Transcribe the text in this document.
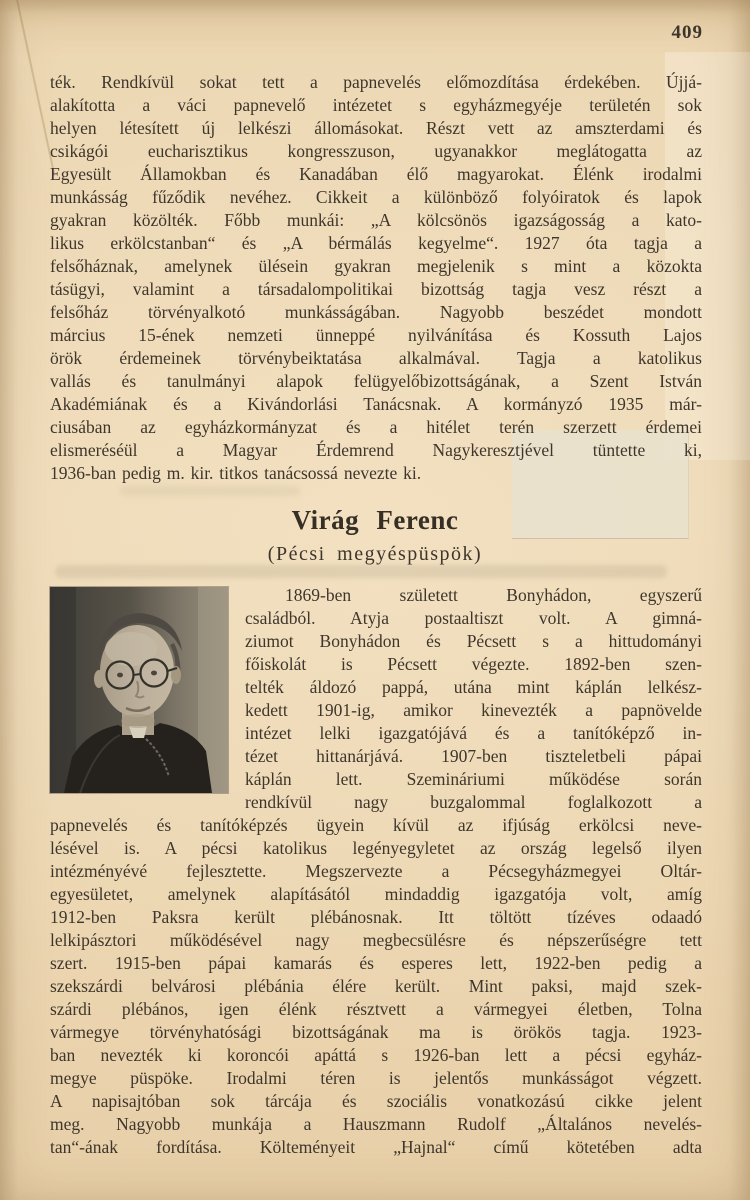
409
ték. Rendkívül sokat tett a papnevelés előmozdítása érdekében. Újjá-
alakította a váci papnevelő intézetet s egyházmegyéje területén sok
helyen létesített új lelkészi állomásokat. Részt vett az amszterdami és
csikágói eucharisztikus kongresszuson, ugyanakkor meglátogatta az
Egyesült Államokban és Kanadában élő magyarokat. Élénk irodalmi
munkásság fűződik nevéhez. Cikkeit a különböző folyóiratok és lapok
gyakran közölték. Főbb munkái: „A kölcsönös igazságosság a kato-
likus erkölcstanban“ és „A bérmálás kegyelme“. 1927 óta tagja a
felsőháznak, amelynek ülésein gyakran megjelenik s mint a közokta
tásügyi, valamint a társadalompolitikai bizottság tagja vesz részt a
felsőház törvényalkotó munkásságában. Nagyobb beszédet mondott
március 15-ének nemzeti ünneppé nyilvánítása és Kossuth Lajos
örök érdemeinek törvénybeiktatása alkalmával. Tagja a katolikus
vallás és tanulmányi alapok felügyelőbizottságának, a Szent István
Akadémiának és a Kivándorlási Tanácsnak. A kormányzó 1935 már-
ciusában az egyházkormányzat és a hitélet terén szerzett érdemei
elismeréséül a Magyar Érdemrend Nagykeresztjével tüntette ki,
1936-ban pedig m. kir. titkos tanácsossá nevezte ki.
Virág Ferenc
(Pécsi megyéspüspök)
1869-ben született Bonyhádon, egyszerű
családból. Atyja postaaltiszt volt. A gimná-
ziumot Bonyhádon és Pécsett s a hittudományi
főiskolát is Pécsett végezte. 1892-ben szen-
telték áldozó pappá, utána mint káplán lelkész-
kedett 1901-ig, amikor kinevezték a papnövelde
intézet lelki igazgatójává és a tanítóképző in-
tézet hittanárjává. 1907-ben tiszteletbeli pápai
káplán lett. Szemináriumi működése során
rendkívül nagy buzgalommal foglalkozott a
papnevelés és tanítóképzés ügyein kívül az ifjúság erkölcsi neve-
lésével is. A pécsi katolikus legényegyletet az ország legelső ilyen
intézményévé fejlesztette. Megszervezte a Pécsegyházmegyei Oltár-
egyesületet, amelynek alapításától mindaddig igazgatója volt, amíg
1912-ben Paksra került plébánosnak. Itt töltött tízéves odaadó
lelkipásztori működésével nagy megbecsülésre és népszerűségre tett
szert. 1915-ben pápai kamarás és esperes lett, 1922-ben pedig a
szekszárdi belvárosi plébánia élére került. Mint paksi, majd szek-
szárdi plébános, igen élénk résztvett a vármegyei életben, Tolna
vármegye törvényhatósági bizottságának ma is örökös tagja. 1923-
ban nevezték ki koroncói apáttá s 1926-ban lett a pécsi egyház-
megye püspöke. Irodalmi téren is jelentős munkásságot végzett.
A napisajtóban sok tárcája és szociális vonatkozású cikke jelent
meg. Nagyobb munkája a Hauszmann Rudolf „Általános nevelés-
tan“-ának fordítása. Költeményeit „Hajnal“ című kötetében adta
